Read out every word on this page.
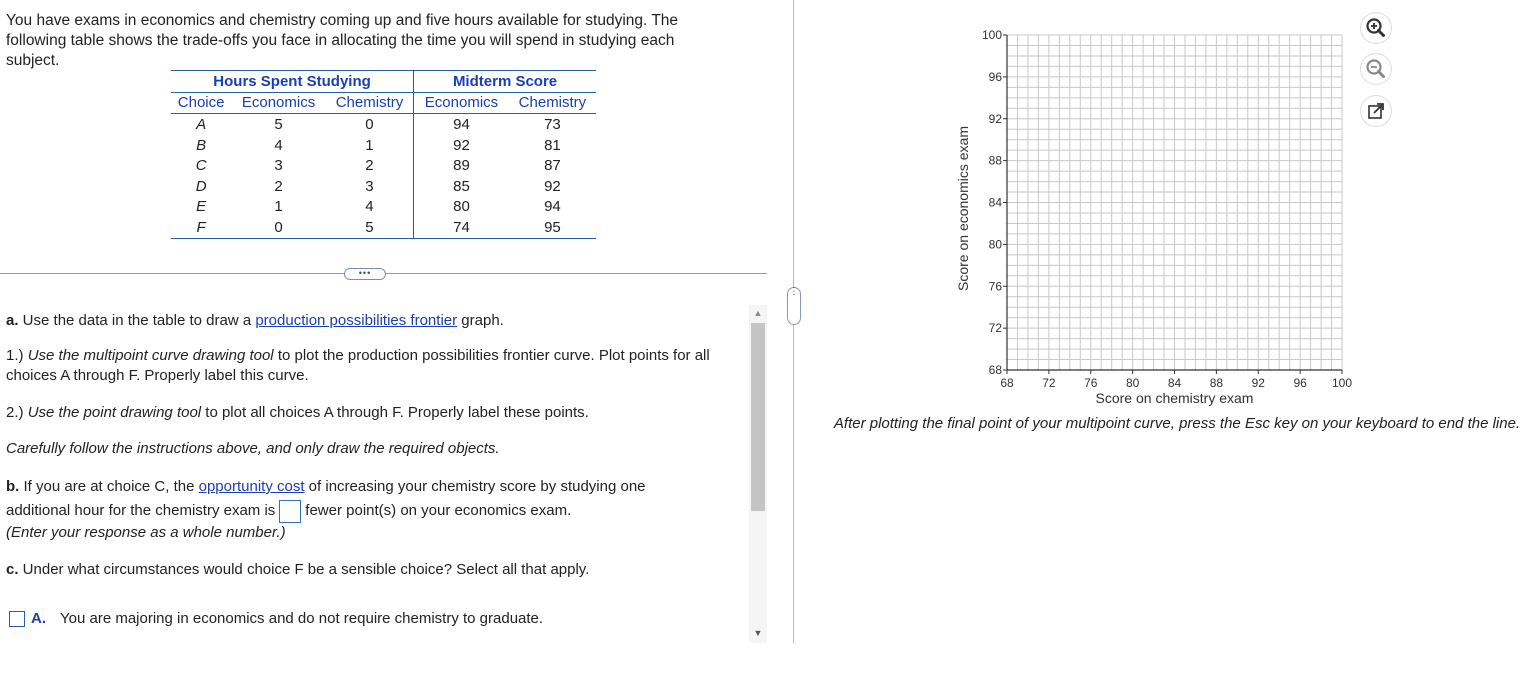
You have exams in economics and chemistry coming up and five hours available for studying. The following table shows the trade-offs you face in allocating the time you will spend in studying each subject.
Hours Spent Studying			Midterm Score	
Choice	Economics	Chemistry	Economics	Chemistry
A	5	0	94	73
B	4	1	92	81
C	3	2	89	87
D	2	3	85	92
E	1	4	80	94
F	0	5	74	95
•••
⋮
a. Use the data in the table to draw a production possibilities frontier graph.
1.) Use the multipoint curve drawing tool to plot the production possibilities frontier curve. Plot points for all choices A through F. Properly label this curve.
2.) Use the point drawing tool to plot all choices A through F. Properly label these points.
Carefully follow the instructions above, and only draw the required objects.
b. If you are at choice C, the opportunity cost of increasing your chemistry score by studying one additional hour for the chemistry exam is fewer point(s) on your economics exam.
(Enter your response as a whole number.)
c. Under what circumstances would choice F be a sensible choice? Select all that apply.
A. You are majoring in economics and do not require chemistry to graduate.
▲
▼
68 72 76 80 84 88 92 96 100
68
72
76
80
84
88
92
96
100
Score on chemistry exam
Score on economics exam
After plotting the final point of your multipoint curve, press the Esc key on your keyboard to end the line.
